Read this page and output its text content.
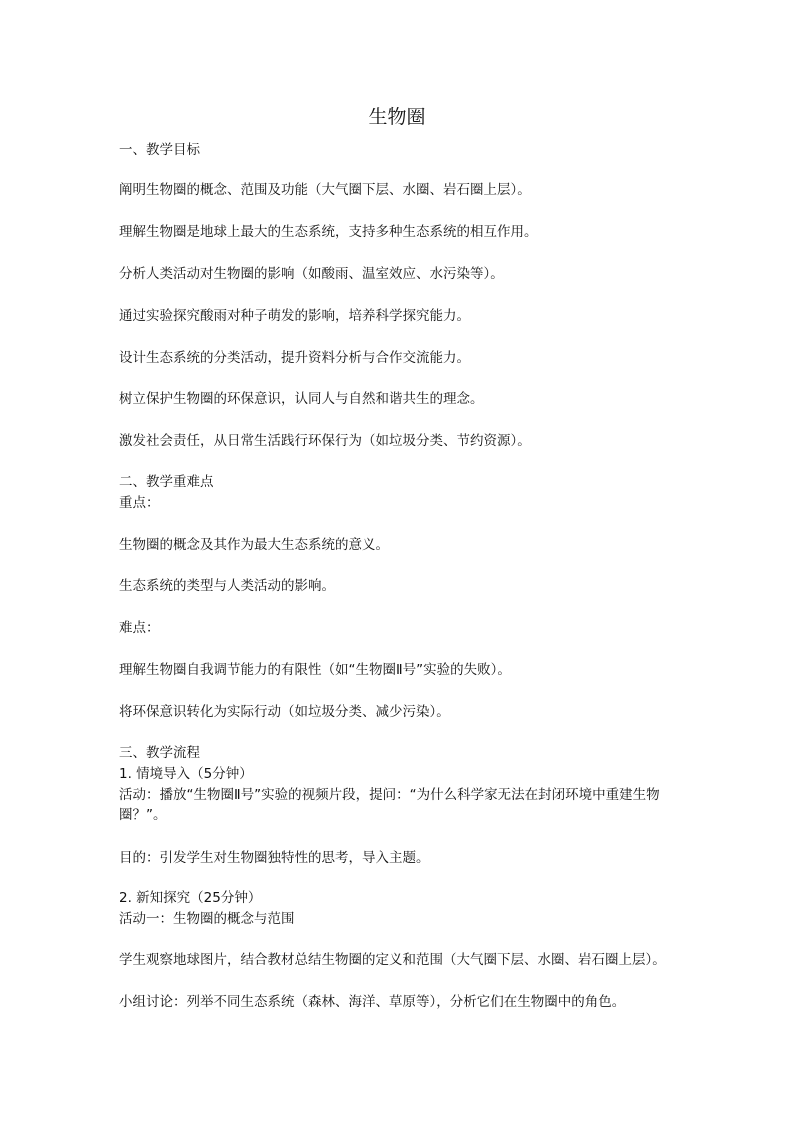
生物圈
一、教学目标
阐明生物圈的概念、范围及功能（大气圈下层、水圈、岩石圈上层）。
理解生物圈是地球上最大的生态系统，支持多种生态系统的相互作用。
分析人类活动对生物圈的影响（如酸雨、温室效应、水污染等）。
通过实验探究酸雨对种子萌发的影响，培养科学探究能力。
设计生态系统的分类活动，提升资料分析与合作交流能力。
树立保护生物圈的环保意识，认同人与自然和谐共生的理念。
激发社会责任，从日常生活践行环保行为（如垃圾分类、节约资源）。
二、教学重难点
重点：
生物圈的概念及其作为最大生态系统的意义。
生态系统的类型与人类活动的影响。
难点：
理解生物圈自我调节能力的有限性（如“生物圈Ⅱ号”实验的失败）。
将环保意识转化为实际行动（如垃圾分类、减少污染）。
三、教学流程
1. 情境导入（5分钟）
活动：播放“生物圈Ⅱ号”实验的视频片段，提问：“为什么科学家无法在封闭环境中重建生物圈？”。
目的：引发学生对生物圈独特性的思考，导入主题。
2. 新知探究（25分钟）
活动一：生物圈的概念与范围
学生观察地球图片，结合教材总结生物圈的定义和范围（大气圈下层、水圈、岩石圈上层）。
小组讨论：列举不同生态系统（森林、海洋、草原等），分析它们在生物圈中的角色。
